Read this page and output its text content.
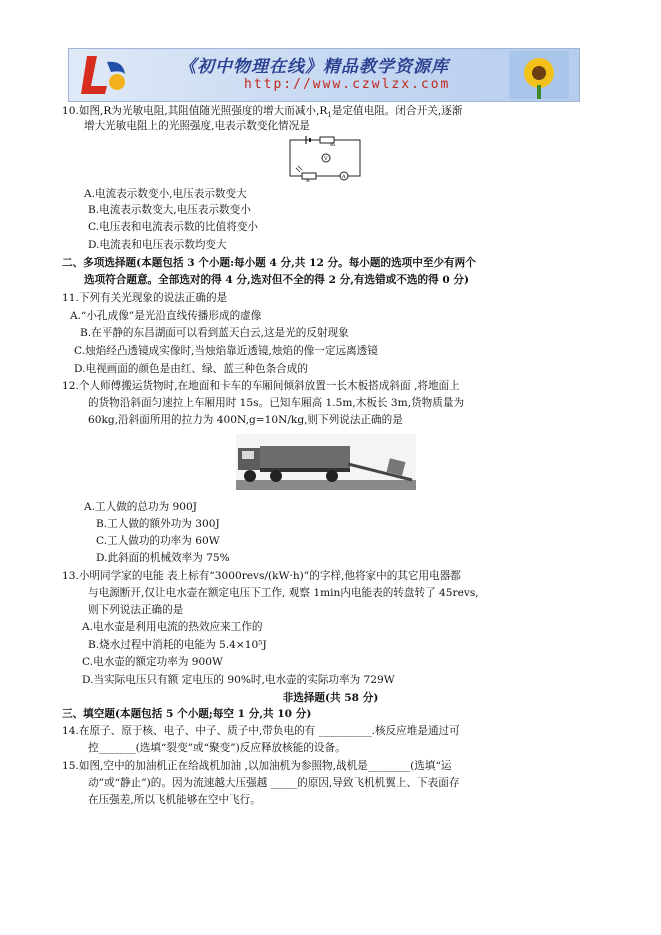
《初中物理在线》精品教学资源库
http://www.czwlzx.com
10.如图,R为光敏电阻,其阻值随光照强度的增大而减小$,R_1$是定值电阻。闭合开关,逐渐
增大光敏电阻上的光照强度,电表示数变化情况是
R₁
V
R
A
A.电流表示数变小,电压表示数变大
B.电流表示数变大,电压表示数变小
C.电压表和电流表示数的比值将变小
D.电流表和电压表示数均变大
二、多项选择题(本题包括 3 个小题:每小题 4 分,共 12 分。每小题的选项中至少有两个
选项符合题意。全部选对的得 4 分,选对但不全的得 2 分,有选错或不选的得 0 分)
11.下列有关光现象的说法正确的是
A.“小孔成像”是光沿直线传播形成的虚像
B.在平静的东昌湖面可以看到蓝天白云,这是光的反射现象
C.烛焰经凸透镜成实像时,当烛焰靠近透镜,烛焰的像一定远离透镜
D.电视画面的颜色是由红、绿、蓝三种色条合成的
12.个人师傅搬运货物时,在地面和卡车的车厢间倾斜放置一长木板搭成斜面 ,将地面上
的货物沿斜面匀速拉上车厢用时 15s。已知车厢高 1.5m,木板长 3m,货物质量为
60kg,沿斜面所用的拉力为 400N,g=10N/kg,则下列说法正确的是
A.工人做的总功为 900J
B.工人做的额外功为 300J
C.工人做功的功率为 60W
D.此斜面的机械效率为 75%
13.小明同学家的电能 表上标有“3000revs/(kW·h)”的字样,他将家中的其它用电器都
与电源断开,仅让电水壶在额定电压下工作, 观察 1min内电能表的转盘转了 45revs,
则下列说法正确的是
A.电水壶是利用电流的热效应来工作的
B.烧水过程中消耗的电能为 5.4×10⁵J
C.电水壶的额定功率为 900W
D.当实际电压只有额 定电压的 90%时,电水壶的实际功率为 729W
非选择题(共 58 分)
三、填空题(本题包括 5 个小题;每空 1 分,共 10 分)
14.在原子、原于核、电子、中子、质子中,带负电的有 __________.核反应堆是通过可
控_______(选填“裂变”或“聚变”)反应释放核能的设备。
15.如图,空中的加油机正在给战机加油 ,以加油机为参照物,战机是________(选填“运
动”或“静止”)的。因为流速越大压强越 _____的原因,导致飞机机翼上、下表面存
在压强差,所以飞机能够在空中飞行。
